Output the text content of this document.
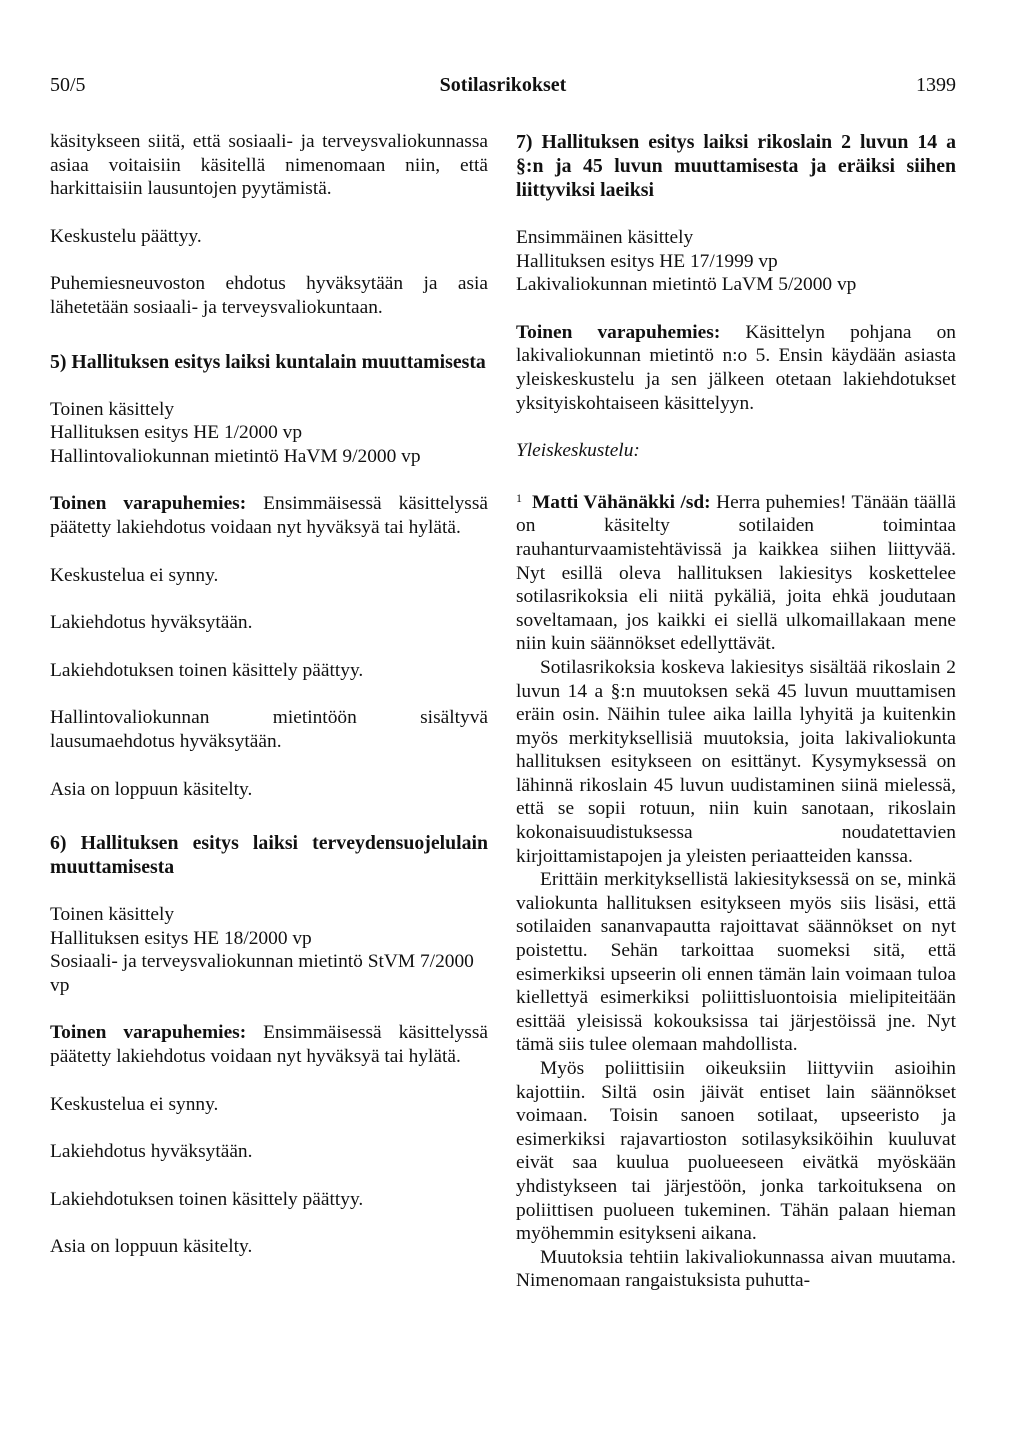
50/5	Sotilasrikokset	1399

käsitykseen siitä, että sosiaali- ja terveysvaliokunnassa asiaa voitaisiin käsitellä nimenomaan niin, että harkittaisiin lausuntojen pyytämistä.

Keskustelu päättyy.

Puhemiesneuvoston ehdotus hyväksytään ja asia lähetetään sosiaali- ja terveysvaliokuntaan.

5) Hallituksen esitys laiksi kuntalain muuttamisesta
Toinen käsittely
Hallituksen esitys HE 1/2000 vp
Hallintovaliokunnan mietintö HaVM 9/2000 vp

Toinen varapuhemies: Ensimmäisessä käsittelyssä päätetty lakiehdotus voidaan nyt hyväksyä tai hylätä.

Keskustelua ei synny.

Lakiehdotus hyväksytään.

Lakiehdotuksen toinen käsittely päättyy.

Hallintovaliokunnan mietintöön sisältyvä lausumaehdotus hyväksytään.

Asia on loppuun käsitelty.

6) Hallituksen esitys laiksi terveydensuojelulain muuttamisesta
Toinen käsittely
Hallituksen esitys HE 18/2000 vp
Sosiaali- ja terveysvaliokunnan mietintö StVM 7/2000 vp

Toinen varapuhemies: Ensimmäisessä käsittelyssä päätetty lakiehdotus voidaan nyt hyväksyä tai hylätä.

Keskustelua ei synny.

Lakiehdotus hyväksytään.

Lakiehdotuksen toinen käsittely päättyy.

Asia on loppuun käsitelty.

7) Hallituksen esitys laiksi rikoslain 2 luvun 14 a §:n ja 45 luvun muuttamisesta ja eräiksi siihen liittyviksi laeiksi
Ensimmäinen käsittely
Hallituksen esitys HE 17/1999 vp
Lakivaliokunnan mietintö LaVM 5/2000 vp

Toinen varapuhemies: Käsittelyn pohjana on lakivaliokunnan mietintö n:o 5. Ensin käydään asiasta yleiskeskustelu ja sen jälkeen otetaan lakiehdotukset yksityiskohtaiseen käsittelyyn.

Yleiskeskustelu:

$^1$ Matti Vähänäkki /sd: Herra puhemies! Tänään täällä on käsitelty sotilaiden toimintaa rauhanturvaamistehtävissä ja kaikkea siihen liittyvää. Nyt esillä oleva hallituksen lakiesitys koskettelee sotilasrikoksia eli niitä pykäliä, joita ehkä joudutaan soveltamaan, jos kaikki ei siellä ulkomaillakaan mene niin kuin säännökset edellyttävät.

Sotilasrikoksia koskeva lakiesitys sisältää rikoslain 2 luvun 14 a §:n muutoksen sekä 45 luvun muuttamisen eräin osin. Näihin tulee aika lailla lyhyitä ja kuitenkin myös merkityksellisiä muutoksia, joita lakivaliokunta hallituksen esitykseen on esittänyt. Kysymyksessä on lähinnä rikoslain 45 luvun uudistaminen siinä mielessä, että se sopii rotuun, niin kuin sanotaan, rikoslain kokonaisuudistuksessa noudatettavien kirjoittamistapojen ja yleisten periaatteiden kanssa.

Erittäin merkityksellistä lakiesityksessä on se, minkä valiokunta hallituksen esitykseen myös siis lisäsi, että sotilaiden sananvapautta rajoittavat säännökset on nyt poistettu. Sehän tarkoittaa suomeksi sitä, että esimerkiksi upseerin oli ennen tämän lain voimaan tuloa kiellettyä esimerkiksi poliittisluontoisia mielipiteitään esittää yleisissä kokouksissa tai järjestöissä jne. Nyt tämä siis tulee olemaan mahdollista.

Myös poliittisiin oikeuksiin liittyviin asioihin kajottiin. Siltä osin jäivät entiset lain säännökset voimaan. Toisin sanoen sotilaat, upseeristo ja esimerkiksi rajavartioston sotilasyksiköihin kuuluvat eivät saa kuulua puolueeseen eivätkä myöskään yhdistykseen tai järjestöön, jonka tarkoituksena on poliittisen puolueen tukeminen. Tähän palaan hieman myöhemmin esitykseni aikana.

Muutoksia tehtiin lakivaliokunnassa aivan muutama. Nimenomaan rangaistuksista puhutta-
